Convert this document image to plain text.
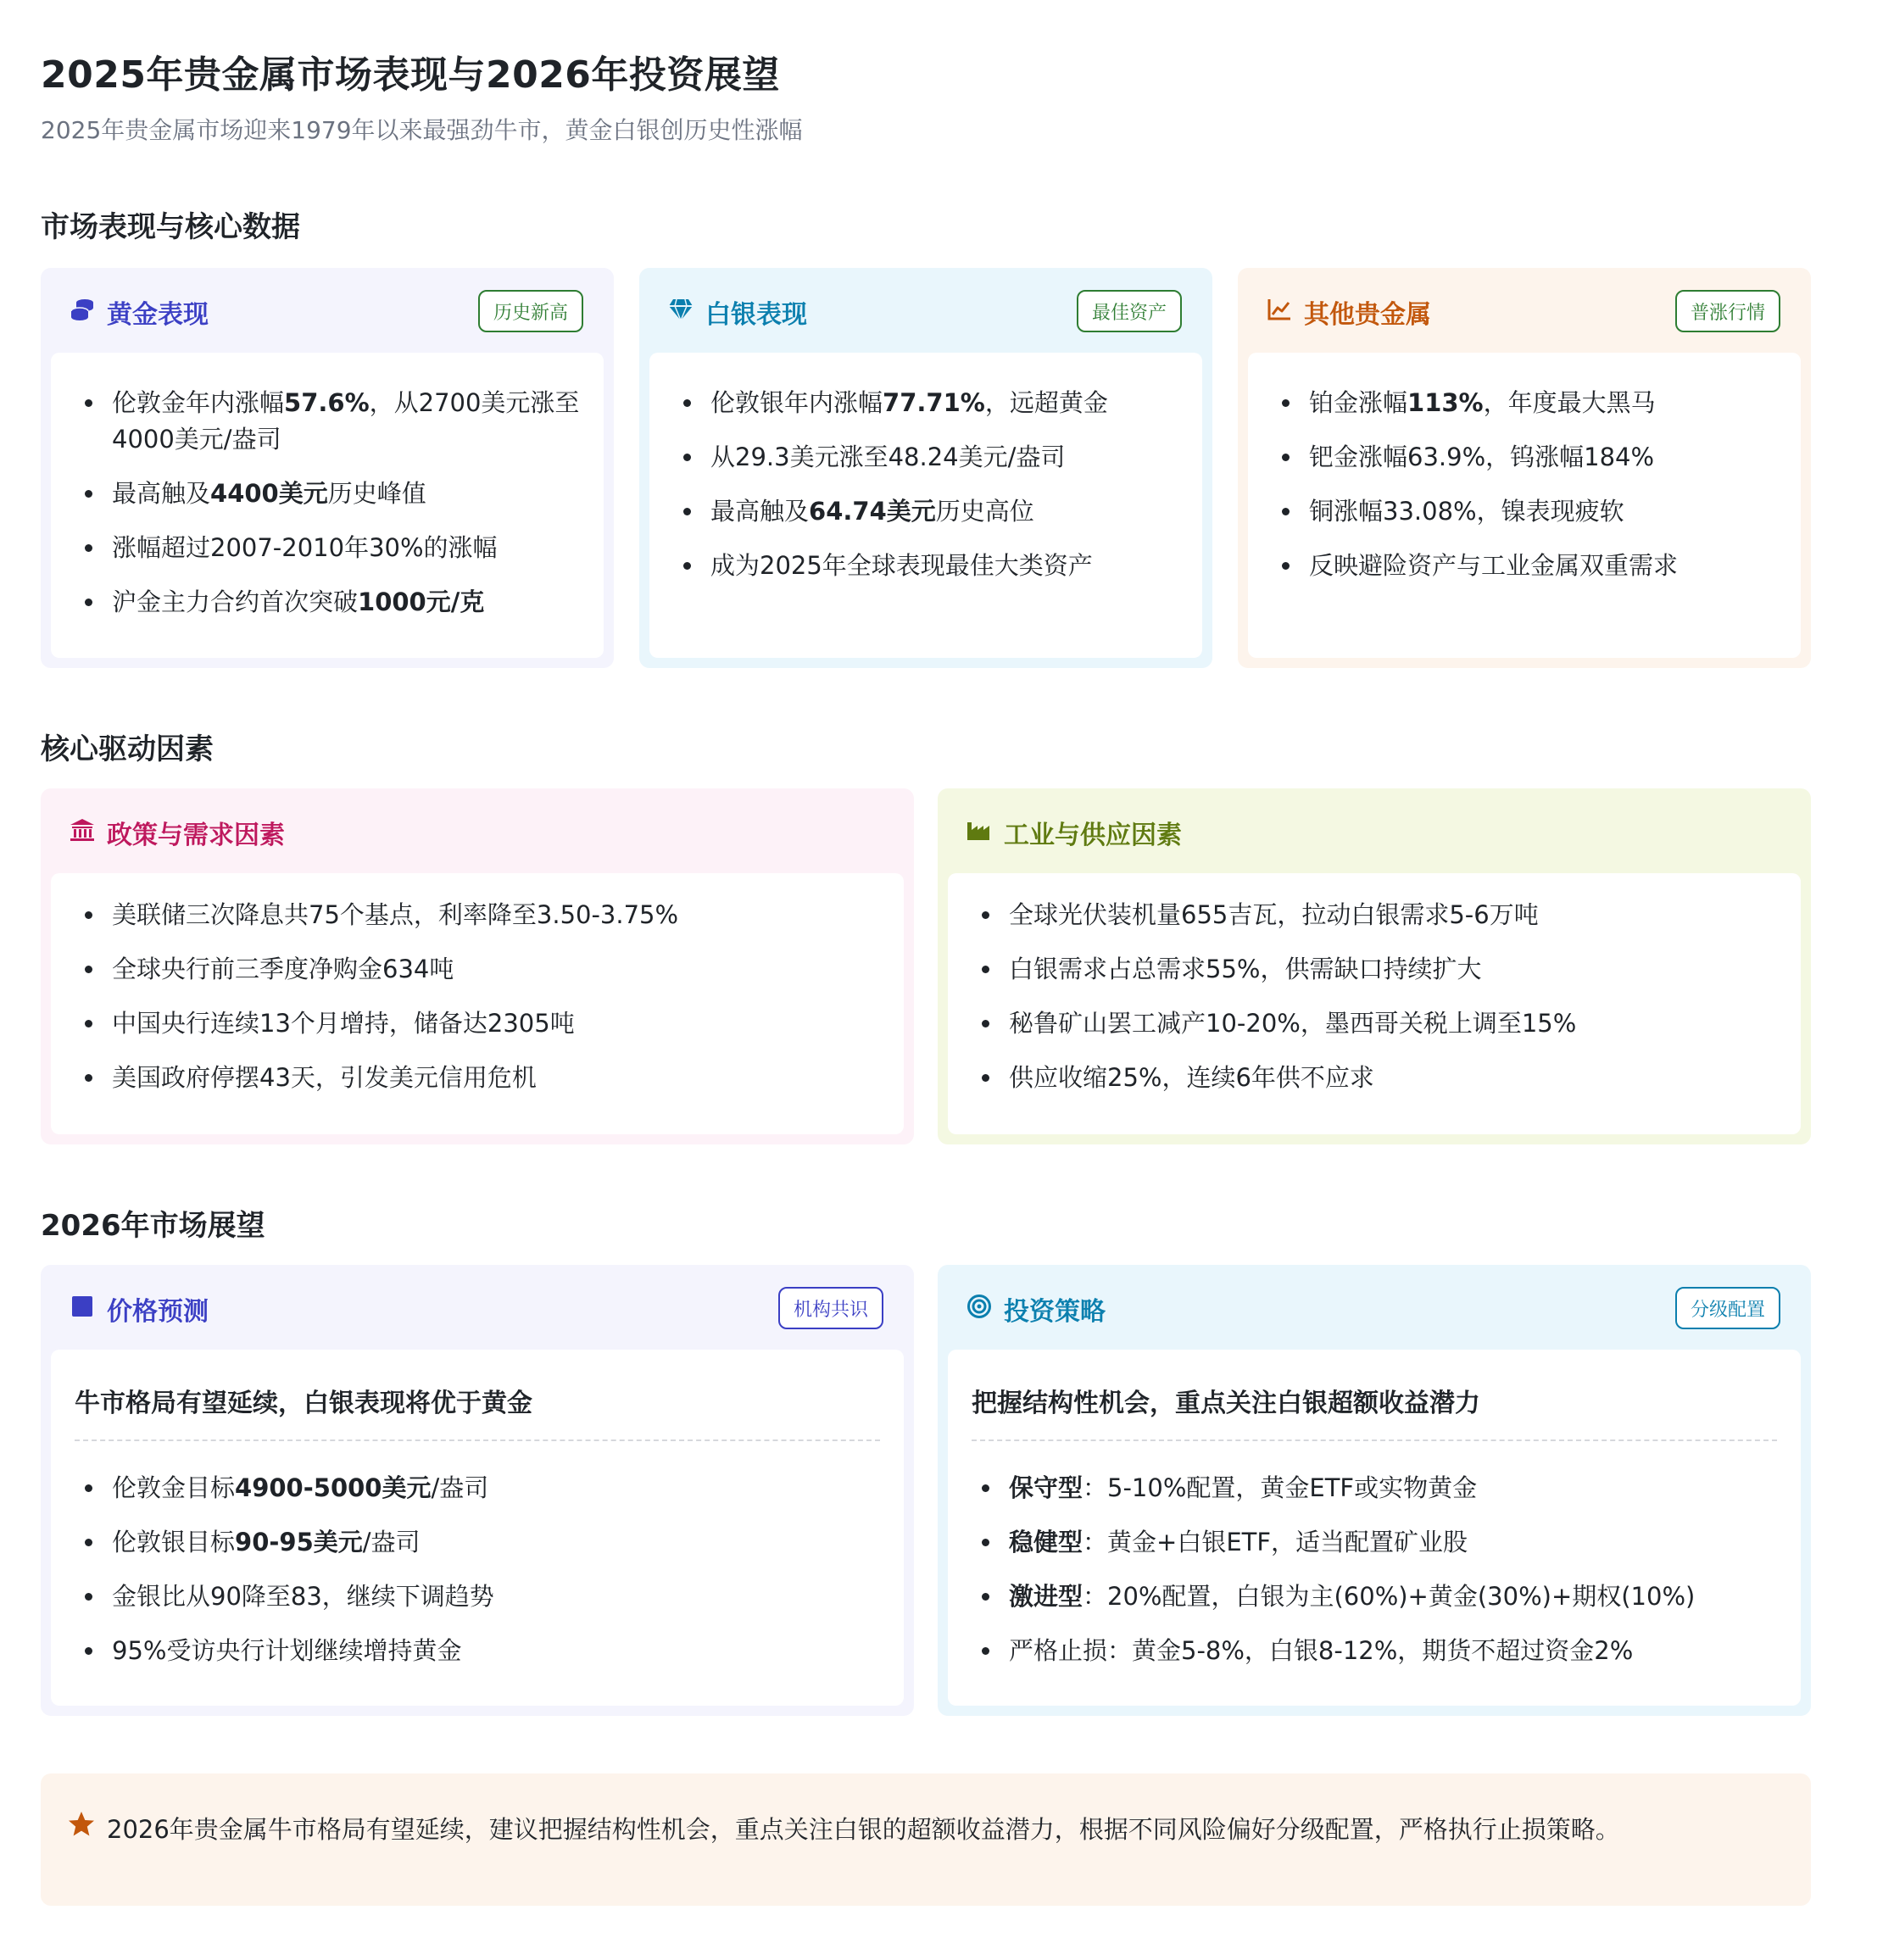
2025年贵金属市场表现与2026年投资展望
2025年贵金属市场迎来1979年以来最强劲牛市，黄金白银创历史性涨幅
市场表现与核心数据
黄金表现	历史新高
伦敦金年内涨幅57.6%，从2700美元涨至4000美元/盎司
最高触及4400美元历史峰值
涨幅超过2007-2010年30%的涨幅
沪金主力合约首次突破1000元/克
白银表现	最佳资产
伦敦银年内涨幅77.71%，远超黄金
从29.3美元涨至48.24美元/盎司
最高触及64.74美元历史高位
成为2025年全球表现最佳大类资产
其他贵金属	普涨行情
铂金涨幅113%，年度最大黑马
钯金涨幅63.9%，钨涨幅184%
铜涨幅33.08%，镍表现疲软
反映避险资产与工业金属双重需求
核心驱动因素
政策与需求因素
美联储三次降息共75个基点，利率降至3.50-3.75%
全球央行前三季度净购金634吨
中国央行连续13个月增持，储备达2305吨
美国政府停摆43天，引发美元信用危机
工业与供应因素
全球光伏装机量655吉瓦，拉动白银需求5-6万吨
白银需求占总需求55%，供需缺口持续扩大
秘鲁矿山罢工减产10-20%，墨西哥关税上调至15%
供应收缩25%，连续6年供不应求
2026年市场展望
价格预测	机构共识
牛市格局有望延续，白银表现将优于黄金
伦敦金目标4900-5000美元/盎司
伦敦银目标90-95美元/盎司
金银比从90降至83，继续下调趋势
95%受访央行计划继续增持黄金
投资策略	分级配置
把握结构性机会，重点关注白银超额收益潜力
保守型：5-10%配置，黄金ETF或实物黄金
稳健型：黄金+白银ETF，适当配置矿业股
激进型：20%配置，白银为主(60%)+黄金(30%)+期权(10%)
严格止损：黄金5-8%，白银8-12%，期货不超过资金2%
2026年贵金属牛市格局有望延续，建议把握结构性机会，重点关注白银的超额收益潜力，根据不同风险偏好分级配置，严格执行止损策略。
